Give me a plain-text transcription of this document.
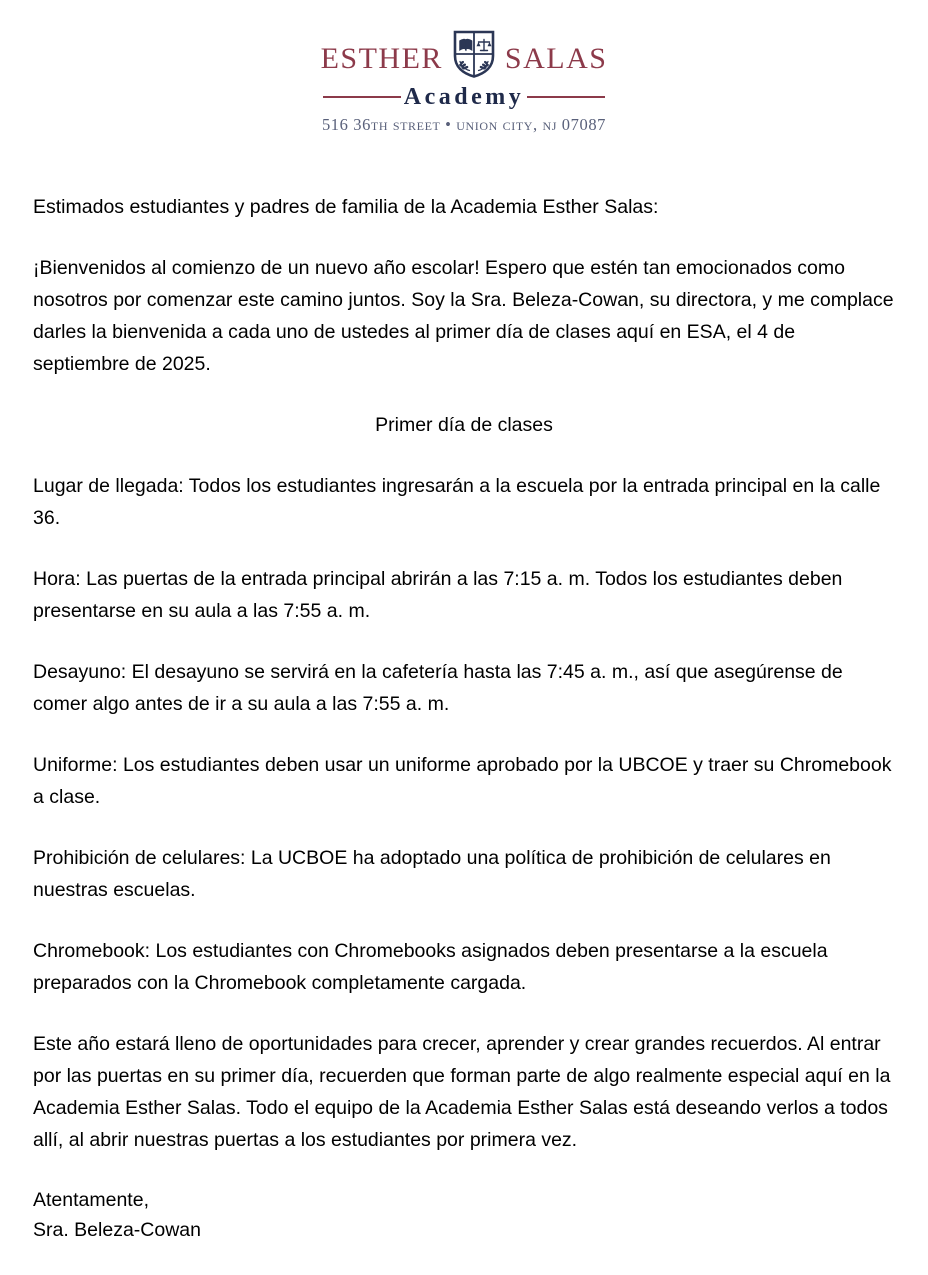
esther salas
Academy
516 36th street • union city, nj 07087

Estimados estudiantes y padres de familia de la Academia Esther Salas:

¡Bienvenidos al comienzo de un nuevo año escolar! Espero que estén tan emocionados como nosotros por comenzar este camino juntos. Soy la Sra. Beleza-Cowan, su directora, y me complace darles la bienvenida a cada uno de ustedes al primer día de clases aquí en ESA, el 4 de septiembre de 2025.

Primer día de clases

Lugar de llegada: Todos los estudiantes ingresarán a la escuela por la entrada principal en la calle 36.

Hora: Las puertas de la entrada principal abrirán a las 7:15 a. m. Todos los estudiantes deben presentarse en su aula a las 7:55 a. m.

Desayuno: El desayuno se servirá en la cafetería hasta las 7:45 a. m., así que asegúrense de comer algo antes de ir a su aula a las 7:55 a. m.

Uniforme: Los estudiantes deben usar un uniforme aprobado por la UBCOE y traer su Chromebook a clase.

Prohibición de celulares: La UCBOE ha adoptado una política de prohibición de celulares en nuestras escuelas.

Chromebook: Los estudiantes con Chromebooks asignados deben presentarse a la escuela preparados con la Chromebook completamente cargada.

Este año estará lleno de oportunidades para crecer, aprender y crear grandes recuerdos. Al entrar por las puertas en su primer día, recuerden que forman parte de algo realmente especial aquí en la Academia Esther Salas. Todo el equipo de la Academia Esther Salas está deseando verlos a todos allí, al abrir nuestras puertas a los estudiantes por primera vez.

Atentamente,
Sra. Beleza-Cowan
